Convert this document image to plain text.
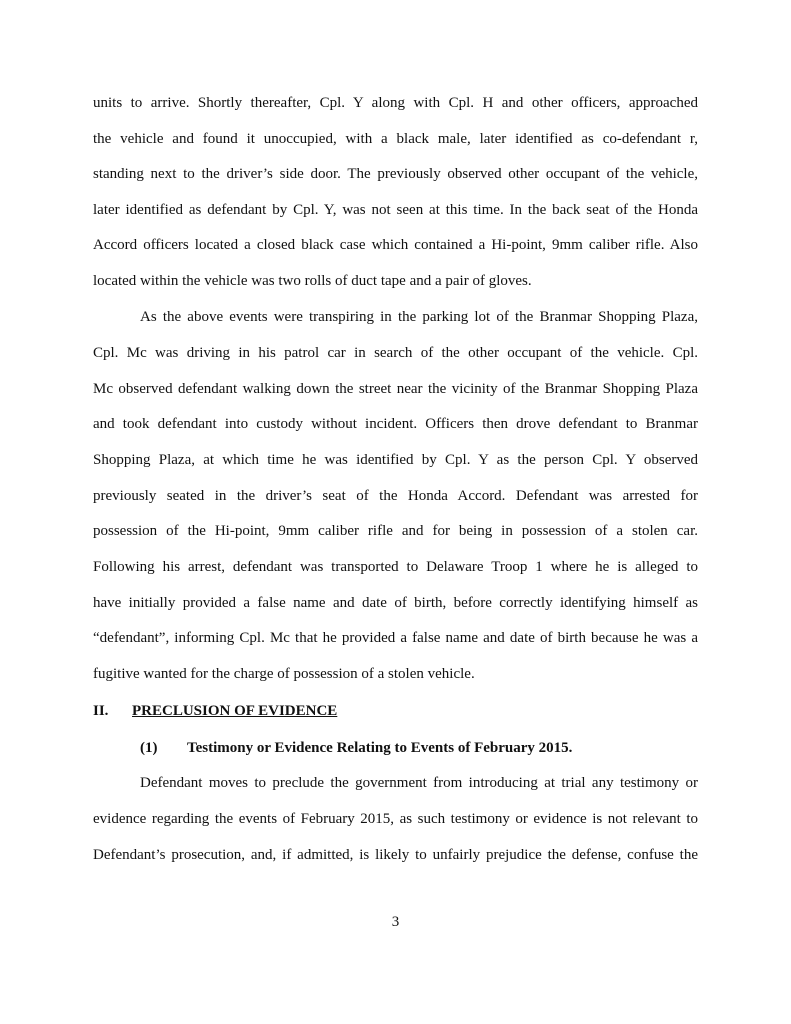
units to arrive. Shortly thereafter, Cpl. Y along with Cpl. H and other officers, approached
the vehicle and found it unoccupied, with a black male, later identified as co-defendant r,
standing next to the driver’s side door. The previously observed other occupant of the vehicle,
later identified as defendant by Cpl. Y, was not seen at this time. In the back seat of the Honda
Accord officers located a closed black case which contained a Hi-point, 9mm caliber rifle. Also
located within the vehicle was two rolls of duct tape and a pair of gloves.
As the above events were transpiring in the parking lot of the Branmar Shopping Plaza,
Cpl. Mc was driving in his patrol car in search of the other occupant of the vehicle. Cpl.
Mc observed defendant walking down the street near the vicinity of the Branmar Shopping Plaza
and took defendant into custody without incident. Officers then drove defendant to Branmar
Shopping Plaza, at which time he was identified by Cpl. Y as the person Cpl. Y observed
previously seated in the driver’s seat of the Honda Accord. Defendant was arrested for
possession of the Hi-point, 9mm caliber rifle and for being in possession of a stolen car.
Following his arrest, defendant was transported to Delaware Troop 1 where he is alleged to
have initially provided a false name and date of birth, before correctly identifying himself as
“defendant”, informing Cpl. Mc that he provided a false name and date of birth because he was a
fugitive wanted for the charge of possession of a stolen vehicle.
II. PRECLUSION OF EVIDENCE
(1) Testimony or Evidence Relating to Events of February 2015.
Defendant moves to preclude the government from introducing at trial any testimony or
evidence regarding the events of February 2015, as such testimony or evidence is not relevant to
Defendant’s prosecution, and, if admitted, is likely to unfairly prejudice the defense, confuse the
3
